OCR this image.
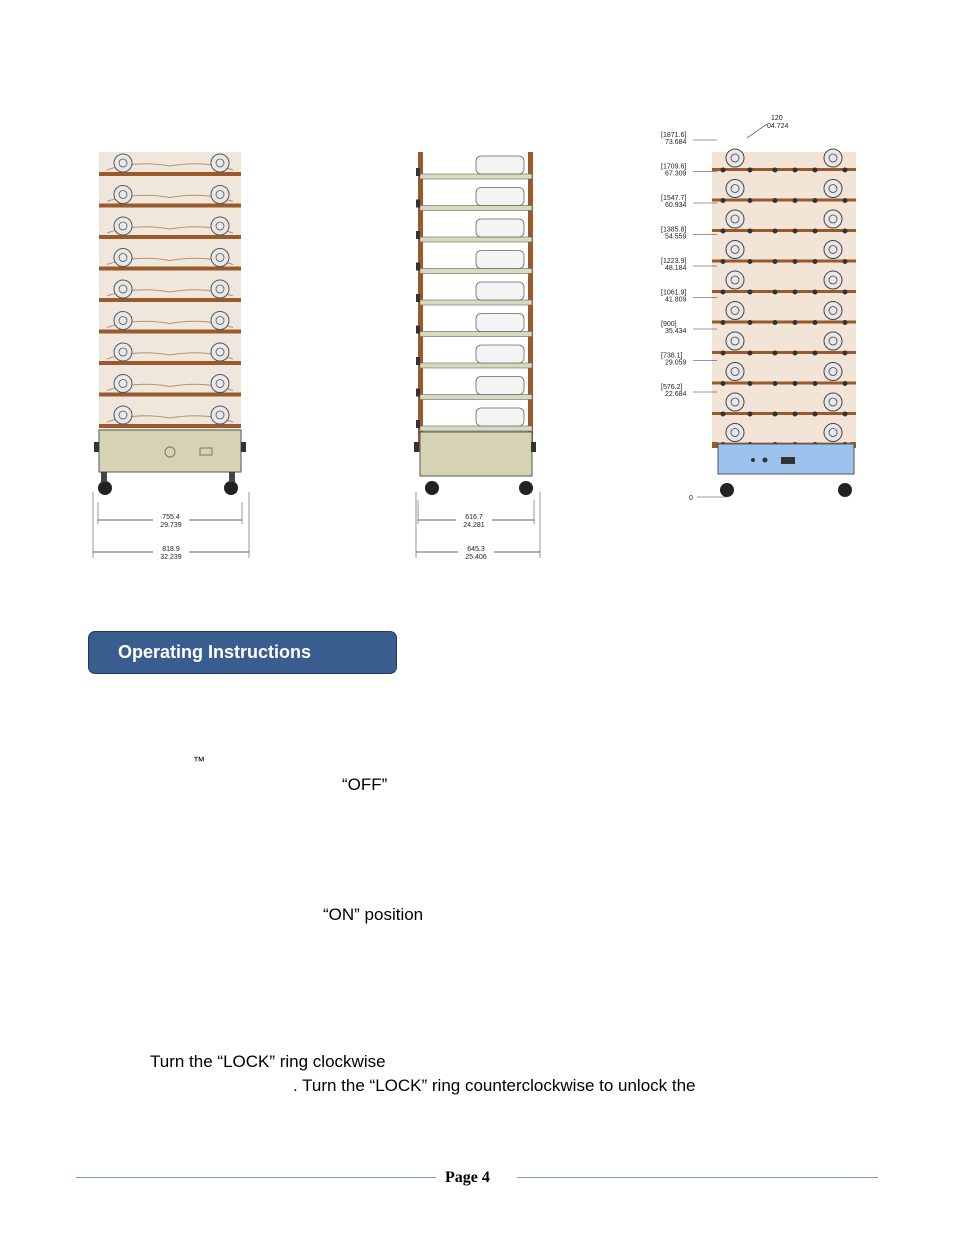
755.4
29.739
818.9
32.239
616.7
24.281
645.3
25.406
120
04.724
[1871.6]
73.684
[1709.6]
67.309
[1547.7]
60.934
[1385.8]
54.559
[1223.9]
48.184
[1061.9]
41.809
[900]
35.434
[738.1]
29.059
[576.2]
22.684
0
Operating Instructions
™
“OFF”
“ON” position
Turn the “LOCK” ring clockwise
. Turn the “LOCK” ring counterclockwise to unlock the
Page 4
